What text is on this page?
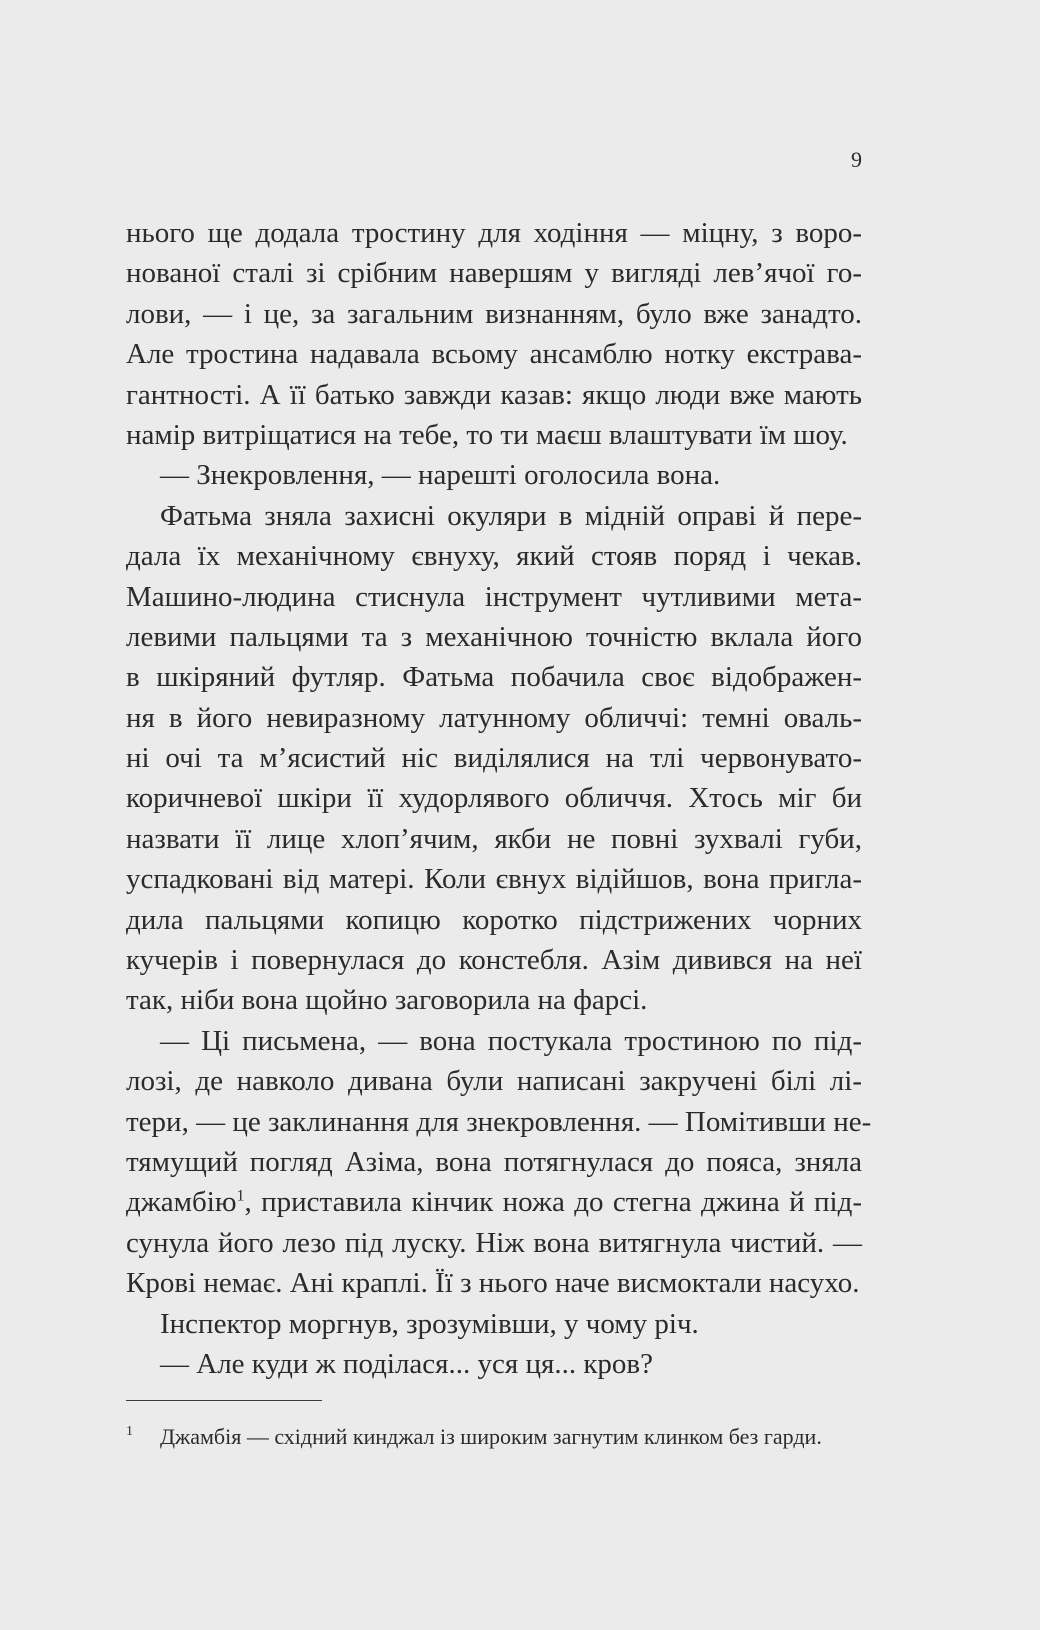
9
нього ще додала тростину для ходіння — міцну, з воро-
нованої сталі зі срібним навершям у вигляді лев’ячої го-
лови, — і це, за загальним визнанням, було вже занадто.
Але тростина надавала всьому ансамблю нотку екстрава-
гантності. А її батько завжди казав: якщо люди вже мають
намір витріщатися на тебе, то ти маєш влаштувати їм шоу.
— Знекровлення, — нарешті оголосила вона.
Фатьма зняла захисні окуляри в мідній оправі й пере-
дала їх механічному євнуху, який стояв поряд і чекав.
Машино-людина стиснула інструмент чутливими мета-
левими пальцями та з механічною точністю вклала його
в шкіряний футляр. Фатьма побачила своє відображен-
ня в його невиразному латунному обличчі: темні оваль-
ні очі та м’ясистий ніс виділялися на тлі червонувато-
коричневої шкіри її худорлявого обличчя. Хтось міг би
назвати її лице хлоп’ячим, якби не повні зухвалі губи,
успадковані від матері. Коли євнух відійшов, вона пригла-
дила пальцями копицю коротко підстрижених чорних
кучерів і повернулася до констебля. Азім дивився на неї
так, ніби вона щойно заговорила на фарсі.
— Ці письмена, — вона постукала тростиною по під-
лозі, де навколо дивана були написані закручені білі лі-
тери, — це заклинання для знекровлення. — Помітивши не-
тямущий погляд Азіма, вона потягнулася до пояса, зняла
джамбію$^1$, приставила кінчик ножа до стегна джина й під-
сунула його лезо під луску. Ніж вона витягнула чистий. —
Крові немає. Ані краплі. Її з нього наче висмоктали насухо.
Інспектор моргнув, зрозумівши, у чому річ.
— Але куди ж поділася... уся ця... кров?
1 Джамбія — східний кинджал із широким загнутим клинком без гарди.
